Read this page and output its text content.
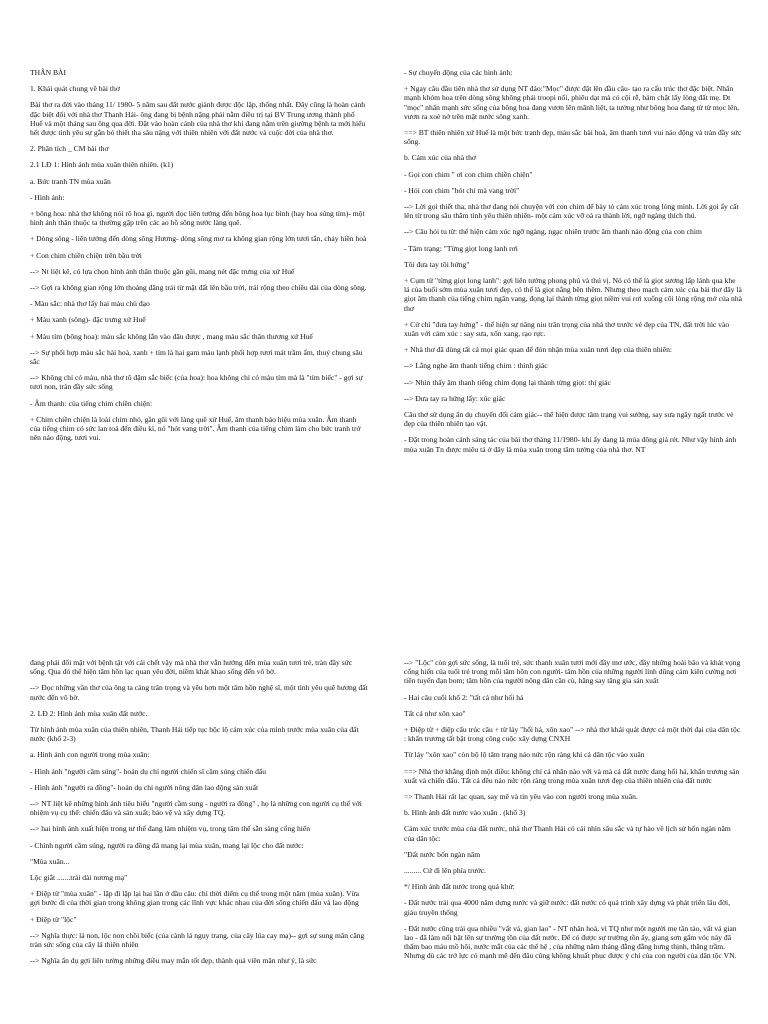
THÂN BÀI

1. Khái quát chung về bài thơ

Bài thơ ra đời vào tháng 11/ 1980- 5 năm sau đất nước giành được độc lập, thống nhất. Đây cũng là hoàn cảnh đặc biệt đối với nhà thơ Thanh Hải- ông đang bị bệnh nặng phải nằm điều trị tại BV Trung ương thành phố Huế và một tháng sau ông qua đời. Đặt vào hoàn cảnh của nhà thơ khi đang nằm trên giường bệnh ta mới hiểu hết được tình yêu sự gắn bó thiết tha sâu nặng với thiên nhiên với đất nước và cuộc đời của nhà thơ.

2. Phân tích _ CM bài thơ

2.1 LĐ 1: Hình ảnh mùa xuân thiên nhiên. (k1)

a. Bức tranh TN mùa xuân

- Hình ảnh:

+ bông hoa: nhà thơ không nói rõ hoa gì, người đọc liên tưởng đến bông hoa lục bình (hay hoa súng tím)- một hình ảnh thân thuộc ta thường gặp trên các ao hồ sông nước làng quê.

+ Dòng sông - liên tưởng đến dòng sông Hương- dòng sông mơ ra không gian rộng lớn tươi tắn, chảy hiền hoà

+ Con chim chiền chiện trên bầu trời

--> Nt liệt kê, có lựa chọn hình ảnh thân thuộc gần gũi, mang nét đặc trưng của xứ Huế

--> Gợi ra không gian rộng lớn thoáng đãng trải từ mặt đất lên bầu trời, trải rộng theo chiều dài của dòng sông.

- Màu sắc: nhà thơ lấy hai màu chủ đạo

+ Màu xanh (sông)- đặc trưng xứ Huế

+ Màu tím (bông hoa): màu sắc không lẫn vào đâu được , mang màu sắc thân thương xứ Huế

--> Sự phối hợp màu sắc hài hoà, xanh + tím là hai gam màu lạnh phối hợp tươi mát trầm ấm, thuỷ chung sâu sắc

--> Không chỉ có màu, nhà thơ tô đậm sắc biếc (của hoa): hoa không chỉ có màu tím mà là "tím biếc" - gợi sự tươi non, tràn đầy sức sống

- Âm thanh: của tiếng chim chiền chiện:

+ Chim chiền chiện là loài chim nhỏ, gần gũi với làng quê xứ Huế, âm thanh báo hiệu mùa xuân. Âm thanh của tiếng chim có sức lan toả đến điều kì, nó "hót vang trời". Âm thanh của tiếng chim làm cho bức tranh trở nên náo động, tươi vui.

- Sự chuyển động của các hình ảnh:

+ Ngay câu đầu tiên nhà thơ sử dụng NT đảo:"Mọc" được đặt lên đầu câu- tạo ra cấu trúc thơ đặc biệt. Nhấn mạnh khóm hoa trên dòng sông không phải troopi nổi, phiêu dạt mà có cội rễ, bám chặt lấy lòng đất mẹ. Đt "mọc" nhấn mạnh sức sống của bông hoa đang vươn lên mãnh liệt, ta tưởng như bông hoa đang từ từ mọc lên, vươn ra xoè nở trên mặt nước sông xanh.

==> BT thiên nhiên xứ Huế là một bức tranh đẹp, màu sắc hài hoà, âm thanh tươi vui náo động và tràn đầy sức sống.

b. Cảm xúc của nhà thơ

- Gọi con chim " ơi con chim chiền chiện"

- Hỏi con chim "hót chi mà vang trời"

--> Lời gọi thiết tha, nhà thơ đang nói chuyện với con chim để bày tỏ cảm xúc trong lòng mình. Lời gọi ấy cất lên từ trong sâu thẳm tình yêu thiên nhiên- một cảm xúc vỡ oà ra thành lời, ngỡ ngàng thích thú.

--> Câu hỏi tu từ: thể hiện cảm xúc ngỡ ngàng, ngạc nhiên trước âm thanh náo động của con chim

- Tâm trạng: "Từng giọt long lanh rơi

Tôi đưa tay tôi hứng"

+ Cụm từ "từng giọt long lanh": gợi liên tưởng phong phú và thú vị. Nó có thể là giọt sương lấp lánh qua khe lá của buổi sớm mùa xuân tươi đẹp, có thể là giọt nắng bên thềm. Nhưng theo mạch cảm xúc của bài thơ đây là giọt âm thanh của tiếng chim ngân vang, đọng lại thành từng giọt niềm vui rơi xuống cõi lòng rộng mở của nhà thơ

+ Cử chỉ "đưa tay hứng" - thể hiện sự nâng niu trân trọng của nhà thơ trước vẻ đẹp của TN, đất trời lúc vào xuân với cảm xúc : say sưa, xốn xang, rạo rực.

+ Nhà thơ đã dùng tất cả mọi giác quan để đón nhận mùa xuân tươi đẹp của thiên nhiên:

--> Lắng nghe âm thanh tiếng chim : thính giác

--> Nhìn thấy âm thanh tiếng chim đọng lại thành từng giọt: thị giác

--> Đưa tay ra hứng lấy: xúc giác

Câu thơ sử dụng ẩn dụ chuyển đổi cảm giác-- thể hiện được tâm trạng vui sướng, say sưa ngây ngất trước vẻ đẹp của thiên nhiên tạo vật.

- Đặt trong hoàn cảnh sáng tác của bài thơ tháng 11/1980- khi ấy đang là mùa đông giá rét. Như vậy hình ảnh mùa xuân Tn được miêu tả ở đây là mùa xuân trong tâm tưởng của nhà thơ. NT

đang phải đối mặt với bệnh tật với cái chết vậy mà nhà thơ vẫn hướng đến mùa xuân tươi trẻ, tràn đầy sức sống. Qua đó thể hiện tâm hồn lạc quan yêu đời, niềm khát khao sống đến vô bờ.

--> Đọc những vần thơ của ông ta càng trân trọng và yêu hơn một tâm hồn nghệ sĩ, một tình yêu quê hương đất nước đến vô bờ.

2. LĐ 2: Hình ảnh mùa xuân đất nước.

Từ hình ảnh mùa xuân của thiên nhiên, Thanh Hải tiếp tục bộc lộ cảm xúc của mình trước mùa xuân của đất nước (khổ 2-3)

a. Hình ảnh con người trong mùa xuân:

- Hình ảnh "người cầm súng"- hoán dụ chỉ người chiến sĩ cầm súng chiến đấu

- Hình ảnh "người ra đồng"- hoán dụ chỉ người nông dân lao động sản xuất

--> NT liệt kê những hình ảnh tiêu biểu "người cầm sung - người ra đồng" , họ là những con người cụ thể với nhiệm vụ cụ thể: chiến đấu và sản xuất; bảo vệ và xây dựng TQ.

--> hai hình ảnh xuất hiện trong tư thế đang làm nhiệm vụ, trong tâm thế sẵn sàng cống hiến

- Chính người cầm súng, người ra đồng đã mang lại mùa xuân, mang lại lộc cho đất nước:

"Mùa xuân...

Lộc giắt .......trải dài nương mạ"

+ Điệp từ "mùa xuân" - lặp đi lặp lại hai lần ở đầu câu: chỉ thời điểm cụ thể trong một năm (mùa xuân). Vừa gợi bước đi của thời gian trong không gian trong các lĩnh vực khác nhau của đời sống chiến đấu và lao động

+ Điệp từ "lộc"

--> Nghĩa thực: lá non, lộc non chồi biếc (của cành lá ngụy trang, của cây lúa cay mạ)-- gợi sự sung mãn căng tràn sức sống của cây lá thiên nhiên

--> Nghĩa ẩn dụ gợi liên tưởng những điều may mắn tốt đẹp, thành quả viên mãn như ý, là sức

--> "Lộc" còn gợi sức sống, là tuổi trẻ, sức thanh xuân tươi mới đầy mơ ước, đầy những hoài bão và khát vọng cống hiến của tuổi trẻ trong mỗi tâm hồn con người- tâm hồn của những người lính dũng cảm kiên cường nơi tiền tuyến đạn bom; tâm hồn của người nông dân cần cù, hăng say tăng gia sản xuất

- Hai câu cuối khổ 2: "tất cả như hối hả

Tất cả như xôn xao"

+ Điệp từ + điệp cấu trúc câu + từ láy "hối hả, xôn xao" --> nhà thơ khái quát được cả một thời đại của dân tộc : khẩn trương tất bật trong công cuộc xây dựng CNXH

Từ láy "xôn xao" còn bộ lộ tâm trạng náo nức rộn ràng khi cả dân tộc vào xuân

==> Nhà thơ khẳng định một điều: không chỉ cá nhân nào với và mà cả đất nước đang hối hả, khẩn trương sản xuất và chiến đấu. Tất cả đều náo nức rộn ràng trong mùa xuân tươi đẹp của thiên nhiên của đất nước

=> Thanh Hải rất lạc quan, say mê và tin yêu vào con người trong mùa xuân.

b. Hình ảnh đất nước vào xuân . (khổ 3)

Cảm xúc trước mùa của đất nước, nhà thơ Thanh Hải có cái nhìn sâu sắc và tự hào về lịch sử bốn ngàn năm của dân tộc:

"Đất nước bốn ngàn năm

......... Cứ đi lên phía trước.

*/ Hình ảnh đất nước trong quá khứ:

- Đất nước trải qua 4000 năm dựng nước và giữ nước: đất nước có quá trình xây dựng và phát triển lâu đời, giàu truyền thống

- Đất nước cũng trải qua nhiều "vất vả, gian lao" - NT nhân hoá, vì TQ như một người mẹ tần tảo, vất vả gian lao - đã làm nổi bật lên sự trường tồn của đất nước. Để có được sự trường tồn ấy, giang sơn gấm vóc này đã thấm bao máu mồ hôi, nước mắt của các thế hệ , của những năm tháng đằng đẵng hưng thịnh, thăng trầm. Nhưng dù các trở lực có mạnh mẽ đến đâu cũng không khuất phục được ý chí của con người của dân tộc VN.
